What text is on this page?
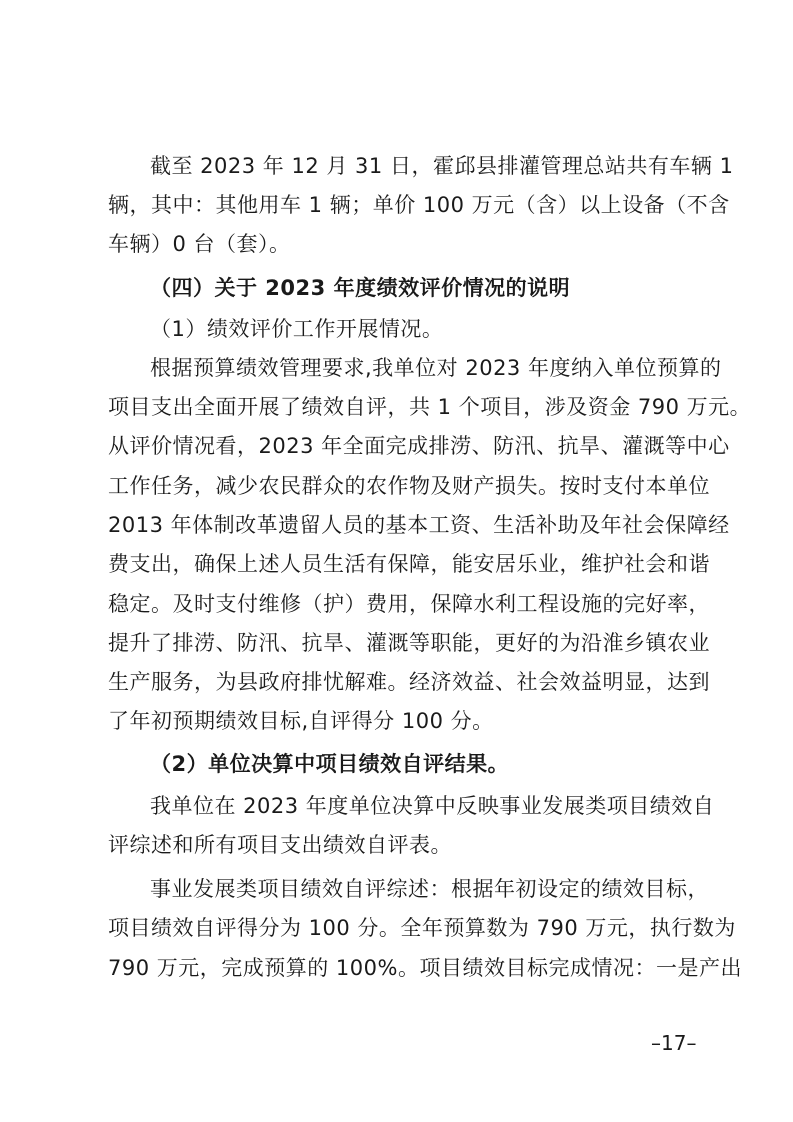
截至 2023 年 12 月 31 日，霍邱县排灌管理总站共有车辆 1

辆，其中：其他用车 1 辆；单价 100 万元（含）以上设备（不含

车辆）0 台（套）。

（四）关于 2023 年度绩效评价情况的说明

（1）绩效评价工作开展情况。

根据预算绩效管理要求,我单位对 2023 年度纳入单位预算的

项目支出全面开展了绩效自评，共 1 个项目，涉及资金 790 万元。

从评价情况看，2023 年全面完成排涝、防汛、抗旱、灌溉等中心

工作任务，减少农民群众的农作物及财产损失。按时支付本单位

2013 年体制改革遗留人员的基本工资、生活补助及年社会保障经

费支出，确保上述人员生活有保障，能安居乐业，维护社会和谐

稳定。及时支付维修（护）费用，保障水利工程设施的完好率，

提升了排涝、防汛、抗旱、灌溉等职能，更好的为沿淮乡镇农业

生产服务，为县政府排忧解难。经济效益、社会效益明显，达到

了年初预期绩效目标,自评得分 100 分。

（2）单位决算中项目绩效自评结果。

我单位在 2023 年度单位决算中反映事业发展类项目绩效自

评综述和所有项目支出绩效自评表。

事业发展类项目绩效自评综述：根据年初设定的绩效目标，

项目绩效自评得分为 100 分。全年预算数为 790 万元，执行数为

790 万元，完成预算的 100%。项目绩效目标完成情况：一是产出

–17–
